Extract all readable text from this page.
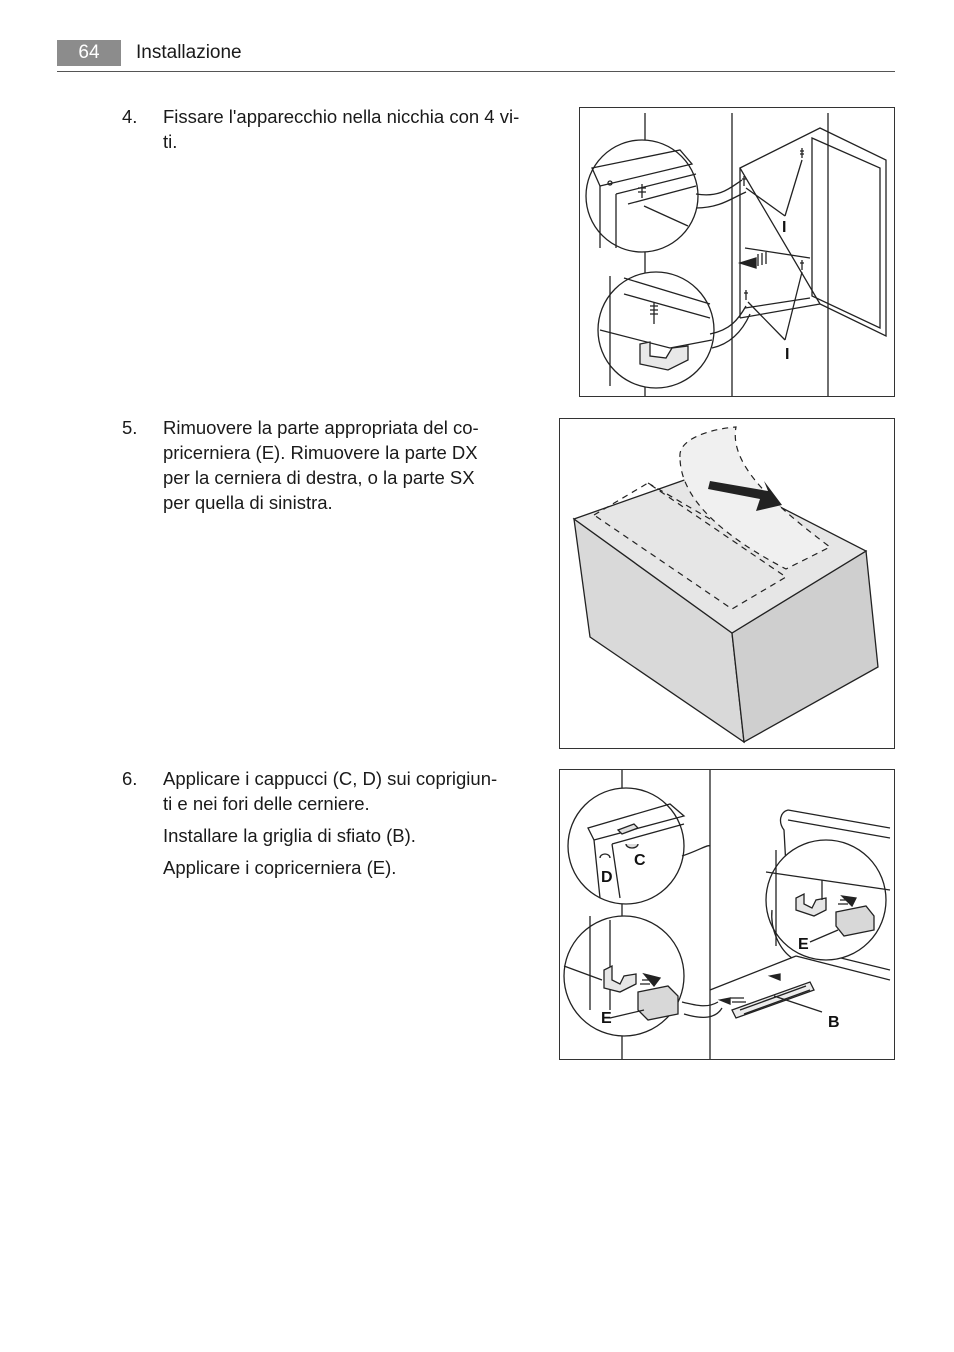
64	Installazione
4. Fissare l'apparecchio nella nicchia con 4 vi-
ti.

5. Rimuovere la parte appropriata del co-
pricerniera (E). Rimuovere la parte DX
per la cerniera di destra, o la parte SX
per quella di sinistra.

6. Applicare i cappucci (C, D) sui coprigiun-
ti e nei fori delle cerniere.

Installare la griglia di sfiato (B).

Applicare i copricerniera (E).

I
I
C
D
E
E	B
